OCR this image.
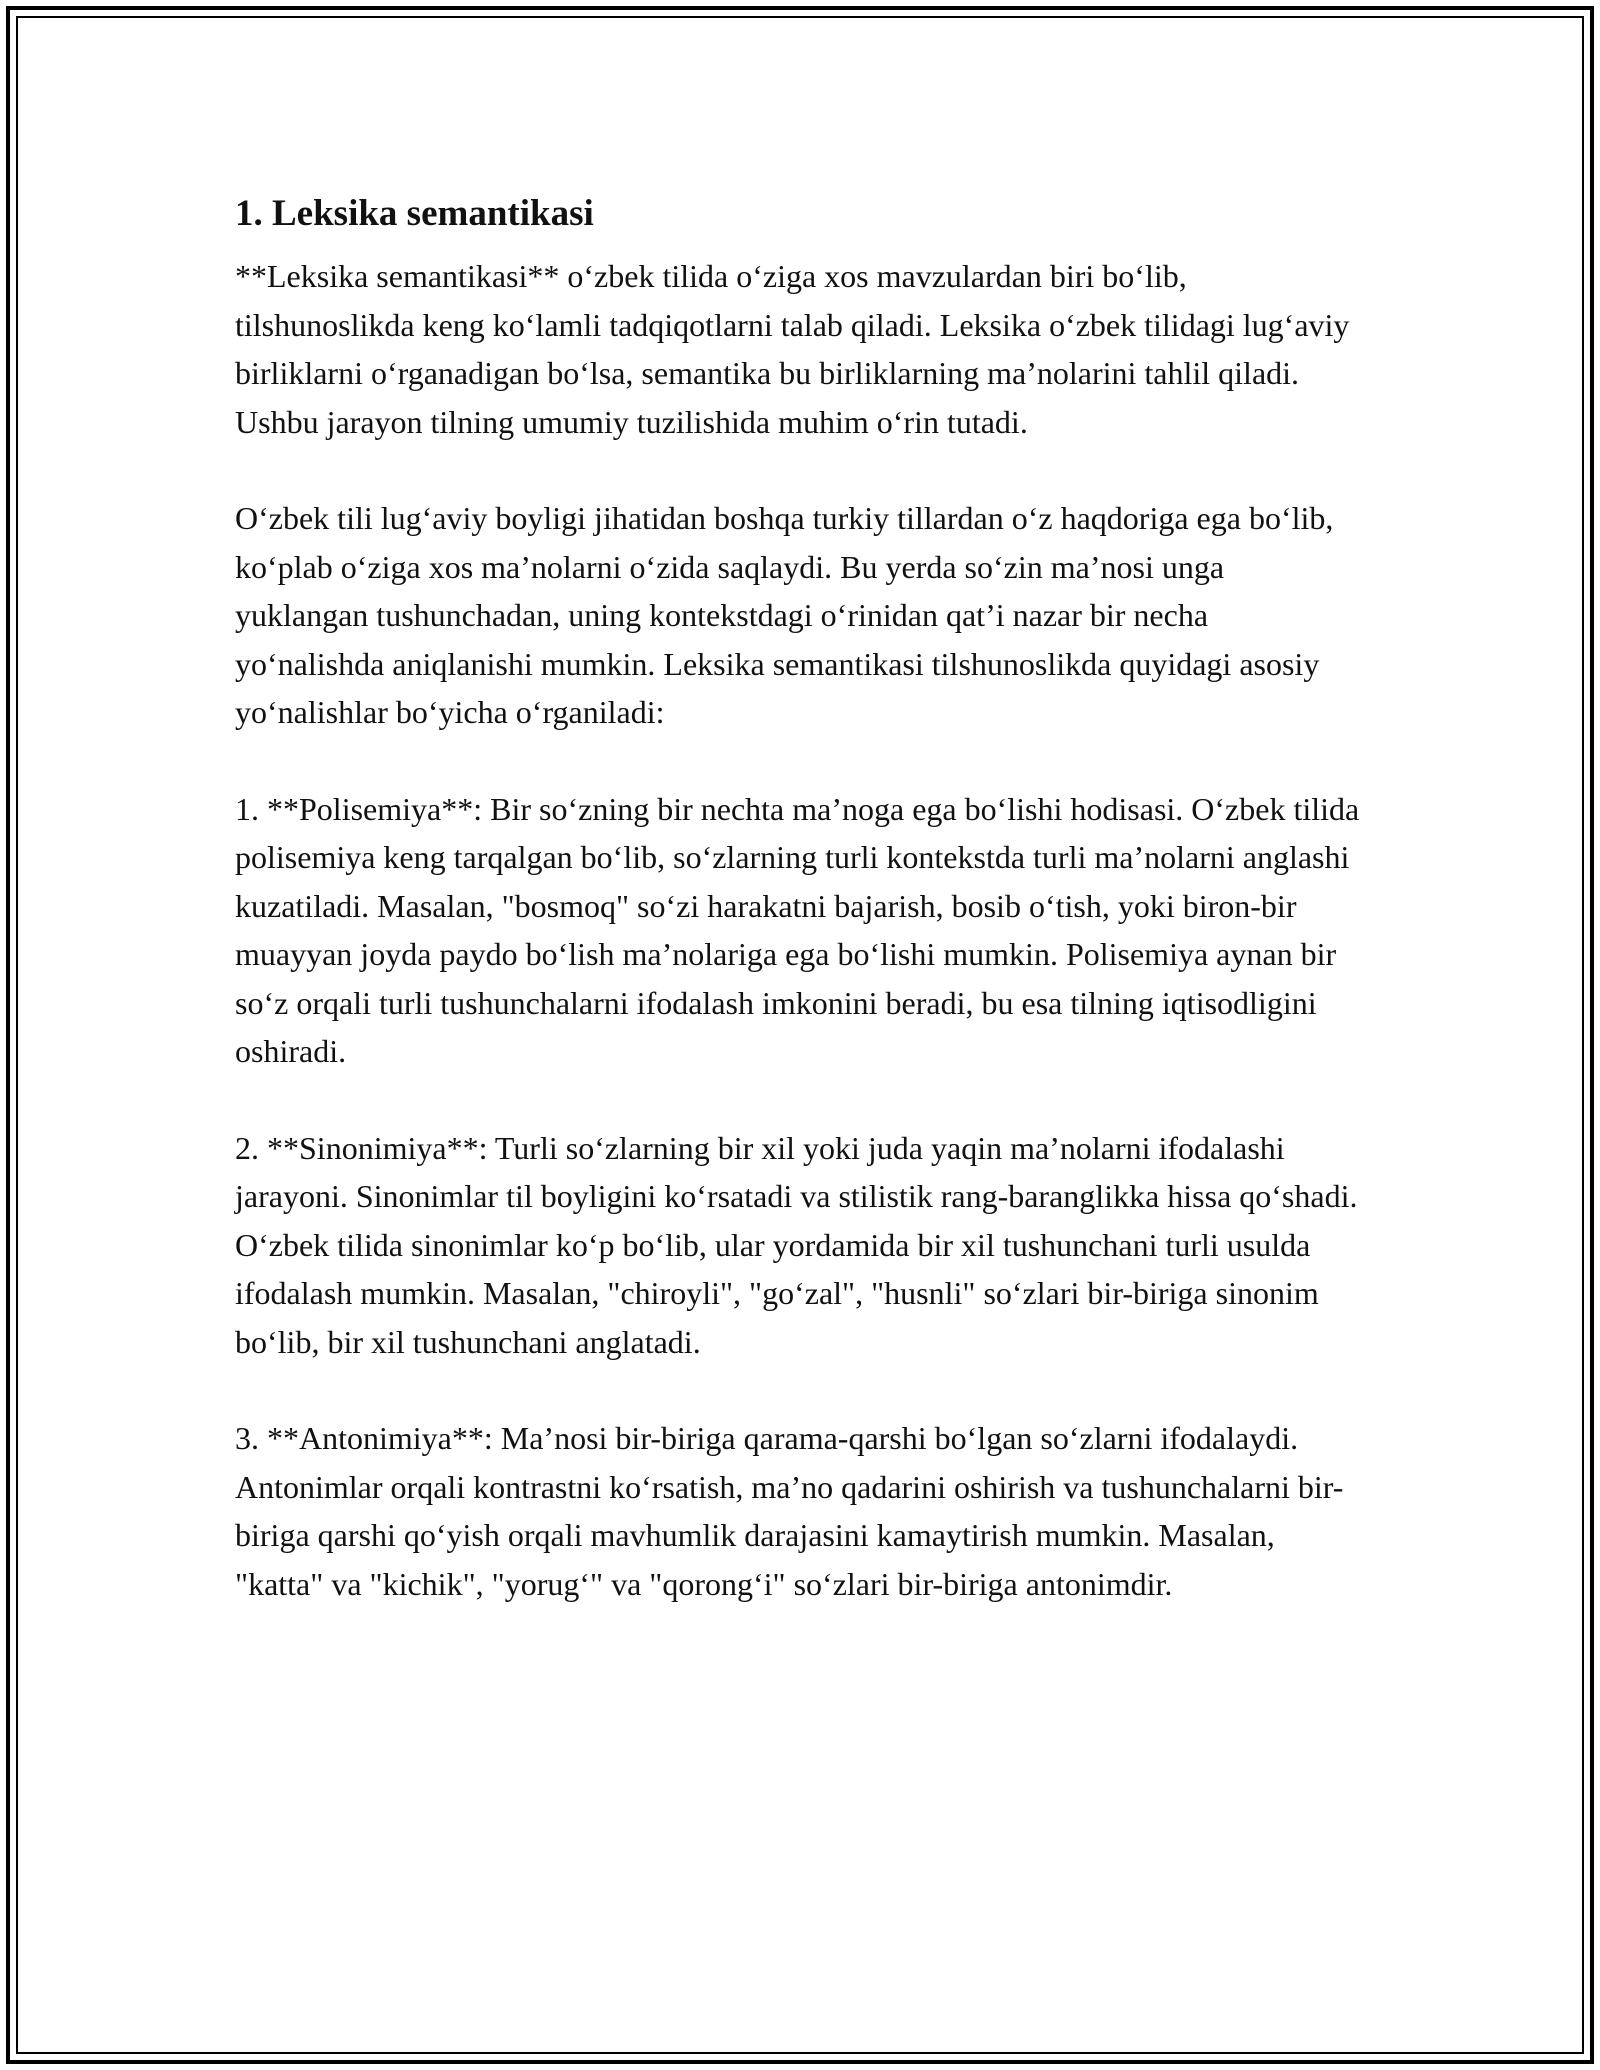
1. Leksika semantikasi

**Leksika semantikasi** oʻzbek tilida oʻziga xos mavzulardan biri boʻlib, tilshunoslikda keng koʻlamli tadqiqotlarni talab qiladi. Leksika oʻzbek tilidagi lugʻaviy birliklarni oʻrganadigan boʻlsa, semantika bu birliklarning maʼnolarini tahlil qiladi. Ushbu jarayon tilning umumiy tuzilishida muhim oʻrin tutadi.

Oʻzbek tili lugʻaviy boyligi jihatidan boshqa turkiy tillardan oʻz haqdoriga ega boʻlib, koʻplab oʻziga xos maʼnolarni oʻzida saqlaydi. Bu yerda soʻzin maʼnosi unga yuklangan tushunchadan, uning kontekstdagi oʻrinidan qatʼi nazar bir necha yoʻnalishda aniqlanishi mumkin. Leksika semantikasi tilshunoslikda quyidagi asosiy yoʻnalishlar boʻyicha oʻrganiladi:

1. **Polisemiya**: Bir soʻzning bir nechta maʼnoga ega boʻlishi hodisasi. Oʻzbek tilida polisemiya keng tarqalgan boʻlib, soʻzlarning turli kontekstda turli maʼnolarni anglashi kuzatiladi. Masalan, "bosmoq" soʻzi harakatni bajarish, bosib oʻtish, yoki biron-bir muayyan joyda paydo boʻlish maʼnolariga ega boʻlishi mumkin. Polisemiya aynan bir soʻz orqali turli tushunchalarni ifodalash imkonini beradi, bu esa tilning iqtisodligini oshiradi.

2. **Sinonimiya**: Turli soʻzlarning bir xil yoki juda yaqin maʼnolarni ifodalashi jarayoni. Sinonimlar til boyligini koʻrsatadi va stilistik rang-baranglikka hissa qoʻshadi. Oʻzbek tilida sinonimlar koʻp boʻlib, ular yordamida bir xil tushunchani turli usulda ifodalash mumkin. Masalan, "chiroyli", "goʻzal", "husnli" soʻzlari bir-biriga sinonim boʻlib, bir xil tushunchani anglatadi.

3. **Antonimiya**: Maʼnosi bir-biriga qarama-qarshi boʻlgan soʻzlarni ifodalaydi. Antonimlar orqali kontrastni koʻrsatish, maʼno qadarini oshirish va tushunchalarni bir-biriga qarshi qoʻyish orqali mavhumlik darajasini kamaytirish mumkin. Masalan, "katta" va "kichik", "yorugʻ" va "qorongʻi" soʻzlari bir-biriga antonimdir.
